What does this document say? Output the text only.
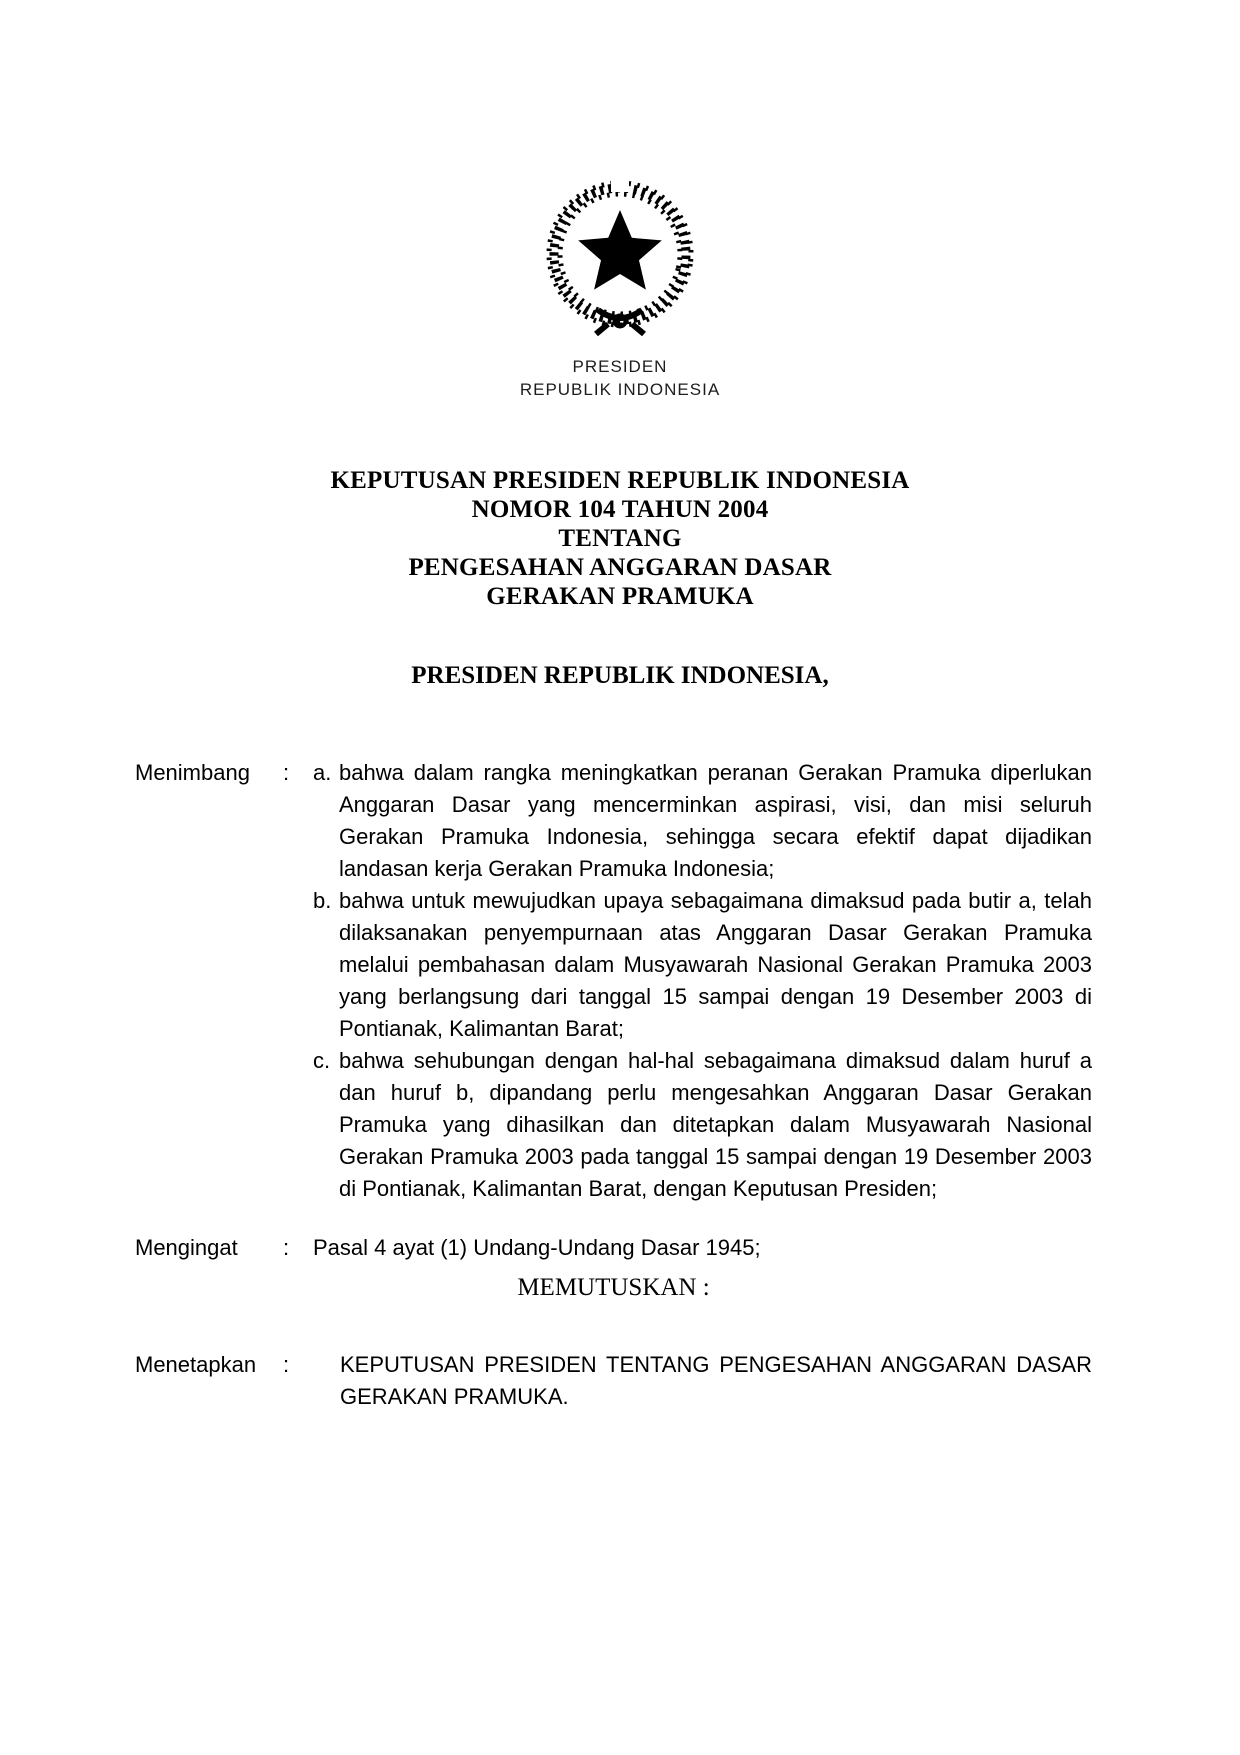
PRESIDEN
REPUBLIK INDONESIA
KEPUTUSAN PRESIDEN REPUBLIK INDONESIA
NOMOR 104 TAHUN 2004
TENTANG
PENGESAHAN ANGGARAN DASAR
GERAKAN PRAMUKA
PRESIDEN REPUBLIK INDONESIA,
Menimbang	:	a. bahwa dalam rangka meningkatkan peranan Gerakan Pramuka diperlukan Anggaran Dasar yang mencerminkan aspirasi, visi, dan misi seluruh Gerakan Pramuka Indonesia, sehingga secara efektif dapat dijadikan landasan kerja Gerakan Pramuka Indonesia;
b. bahwa untuk mewujudkan upaya sebagaimana dimaksud pada butir a, telah dilaksanakan penyempurnaan atas Anggaran Dasar Gerakan Pramuka melalui pembahasan dalam Musyawarah Nasional Gerakan Pramuka 2003 yang berlangsung dari tanggal 15 sampai dengan 19 Desember 2003 di Pontianak, Kalimantan Barat;
c. bahwa sehubungan dengan hal-hal sebagaimana dimaksud dalam huruf a dan huruf b, dipandang perlu mengesahkan Anggaran Dasar Gerakan Pramuka yang dihasilkan dan ditetapkan dalam Musyawarah Nasional Gerakan Pramuka 2003 pada tanggal 15 sampai dengan 19 Desember 2003 di Pontianak, Kalimantan Barat, dengan Keputusan Presiden;
Mengingat	:	Pasal 4 ayat (1) Undang-Undang Dasar 1945;
MEMUTUSKAN :
Menetapkan	:	KEPUTUSAN PRESIDEN TENTANG PENGESAHAN ANGGARAN DASAR GERAKAN PRAMUKA.
